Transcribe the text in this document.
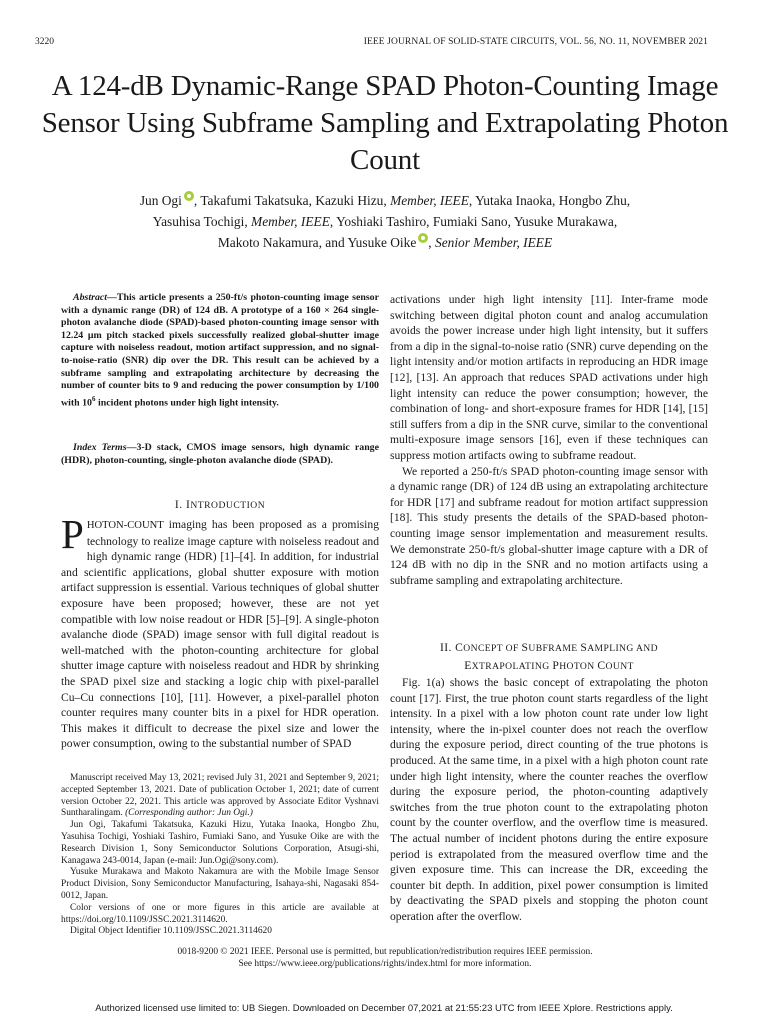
3220	IEEE JOURNAL OF SOLID-STATE CIRCUITS, VOL. 56, NO. 11, NOVEMBER 2021
A 124-dB Dynamic-Range SPAD Photon-Counting Image Sensor Using Subframe Sampling and Extrapolating Photon Count
Jun Ogi , Takafumi Takatsuka, Kazuki Hizu, Member, IEEE, Yutaka Inaoka, Hongbo Zhu,
Yasuhisa Tochigi, Member, IEEE, Yoshiaki Tashiro, Fumiaki Sano, Yusuke Murakawa,
Makoto Nakamura, and Yusuke Oike , Senior Member, IEEE
Abstract—This article presents a 250-ft/s photon-counting image sensor with a dynamic range (DR) of 124 dB. A prototype of a 160 × 264 single-photon avalanche diode (SPAD)-based photon-counting image sensor with 12.24 μm pitch stacked pixels successfully realized global-shutter image capture with noiseless readout, motion artifact suppression, and no signal-to-noise-ratio (SNR) dip over the DR. This result can be achieved by a subframe sampling and extrapolating architecture by decreasing the number of counter bits to 9 and reducing the power consumption by 1/100 with $10^6$ incident photons under high light intensity.
Index Terms—3-D stack, CMOS image sensors, high dynamic range (HDR), photon-counting, single-photon avalanche diode (SPAD).
I. INTRODUCTION
PHOTON-COUNT imaging has been proposed as a promising technology to realize image capture with noiseless readout and high dynamic range (HDR) [1]–[4]. In addition, for industrial and scientific applications, global shutter exposure with motion artifact suppression is essential. Various techniques of global shutter exposure have been proposed; however, these are not yet compatible with low noise readout or HDR [5]–[9]. A single-photon avalanche diode (SPAD) image sensor with full digital readout is well-matched with the photon-counting architecture for global shutter image capture with noiseless readout and HDR by shrinking the SPAD pixel size and stacking a logic chip with pixel-parallel Cu–Cu connections [10], [11]. However, a pixel-parallel photon counter requires many counter bits in a pixel for HDR operation. This makes it difficult to decrease the pixel size and lower the power consumption, owing to the substantial number of SPAD

Manuscript received May 13, 2021; revised July 31, 2021 and September 9, 2021; accepted September 13, 2021. Date of publication October 1, 2021; date of current version October 22, 2021. This article was approved by Associate Editor Vyshnavi Suntharalingam. (Corresponding author: Jun Ogi.)

Jun Ogi, Takafumi Takatsuka, Kazuki Hizu, Yutaka Inaoka, Hongbo Zhu, Yasuhisa Tochigi, Yoshiaki Tashiro, Fumiaki Sano, and Yusuke Oike are with the Research Division 1, Sony Semiconductor Solutions Corporation, Atsugi-shi, Kanagawa 243-0014, Japan (e-mail: Jun.Ogi@sony.com).

Yusuke Murakawa and Makoto Nakamura are with the Mobile Image Sensor Product Division, Sony Semiconductor Manufacturing, Isahaya-shi, Nagasaki 854-0012, Japan.

Color versions of one or more figures in this article are available at https://doi.org/10.1109/JSSC.2021.3114620.

Digital Object Identifier 10.1109/JSSC.2021.3114620

activations under high light intensity [11]. Inter-frame mode switching between digital photon count and analog accumulation avoids the power increase under high light intensity, but it suffers from a dip in the signal-to-noise ratio (SNR) curve depending on the light intensity and/or motion artifacts in reproducing an HDR image [12], [13]. An approach that reduces SPAD activations under high light intensity can reduce the power consumption; however, the combination of long- and short-exposure frames for HDR [14], [15] still suffers from a dip in the SNR curve, similar to the conventional multi-exposure image sensors [16], even if these techniques can suppress motion artifacts owing to subframe readout.

We reported a 250-ft/s SPAD photon-counting image sensor with a dynamic range (DR) of 124 dB using an extrapolating architecture for HDR [17] and subframe readout for motion artifact suppression [18]. This study presents the details of the SPAD-based photon-counting image sensor implementation and measurement results. We demonstrate 250-ft/s global-shutter image capture with a DR of 124 dB with no dip in the SNR and no motion artifacts using a subframe sampling and extrapolating architecture.

II. CONCEPT OF SUBFRAME SAMPLING AND
EXTRAPOLATING PHOTON COUNT

Fig. 1(a) shows the basic concept of extrapolating the photon count [17]. First, the true photon count starts regardless of the light intensity. In a pixel with a low photon count rate under low light intensity, where the in-pixel counter does not reach the overflow during the exposure period, direct counting of the true photons is produced. At the same time, in a pixel with a high photon count rate under high light intensity, where the counter reaches the overflow during the exposure period, the photon-counting adaptively switches from the true photon count to the extrapolating photon count by the counter overflow, and the overflow time is measured. The actual number of incident photons during the entire exposure period is extrapolated from the measured overflow time and the given exposure time. This can increase the DR, exceeding the counter bit depth. In addition, pixel power consumption is limited by deactivating the SPAD pixels and stopping the photon count operation after the overflow.

0018-9200 © 2021 IEEE. Personal use is permitted, but republication/redistribution requires IEEE permission.
See https://www.ieee.org/publications/rights/index.html for more information.
Authorized licensed use limited to: UB Siegen. Downloaded on December 07,2021 at 21:55:23 UTC from IEEE Xplore. Restrictions apply.
